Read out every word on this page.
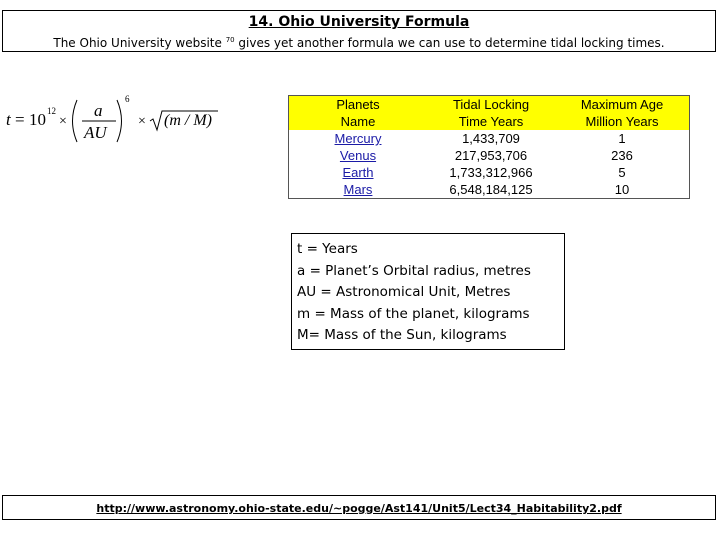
14. Ohio University Formula
The Ohio University website $^{70}$ gives yet another formula we can use to determine tidal locking times.
t = 10 12
×
a
AU
6
× (m / M)
Planets	Tidal Locking	Maximum Age
Name	Time Years	Million Years
Mercury	1,433,709	1
Venus	217,953,706	236
Earth	1,733,312,966	5
Mars	6,548,184,125	10
t = Years
a = Planet’s Orbital radius, metres
AU = Astronomical Unit, Metres
m = Mass of the planet, kilograms
M= Mass of the Sun, kilograms
http://www.astronomy.ohio-state.edu/~pogge/Ast141/Unit5/Lect34_Habitability2.pdf
